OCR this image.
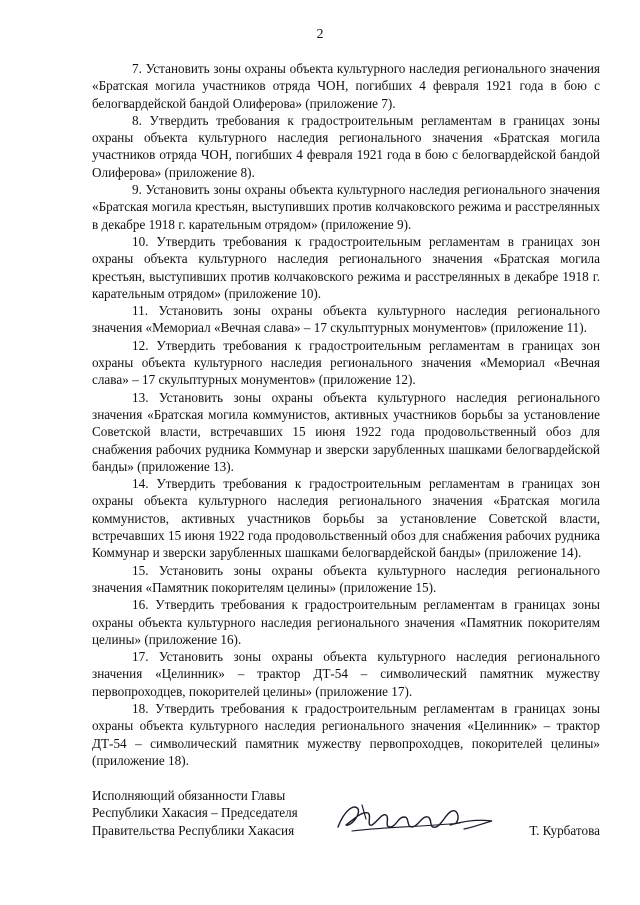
2

7. Установить зоны охраны объекта культурного наследия регионального значения «Братская могила участников отряда ЧОН, погибших 4 февраля 1921 года в бою с белогвардейской бандой Олиферова» (приложение 7).

8. Утвердить требования к градостроительным регламентам в границах зоны охраны объекта культурного наследия регионального значения «Братская могила участников отряда ЧОН, погибших 4 февраля 1921 года в бою с белогвардейской бандой Олиферова» (приложение 8).

9. Установить зоны охраны объекта культурного наследия регионального значения «Братская могила крестьян, выступивших против колчаковского режима и расстрелянных в декабре 1918 г. карательным отрядом» (приложение 9).

10. Утвердить требования к градостроительным регламентам в границах зон охраны объекта культурного наследия регионального значения «Братская могила крестьян, выступивших против колчаковского режима и расстрелянных в декабре 1918 г. карательным отрядом» (приложение 10).

11. Установить зоны охраны объекта культурного наследия регионального значения «Мемориал «Вечная слава» – 17 скульптурных монументов» (приложение 11).

12. Утвердить требования к градостроительным регламентам в границах зон охраны объекта культурного наследия регионального значения «Мемориал «Вечная слава» – 17 скульптурных монументов» (приложение 12).

13. Установить зоны охраны объекта культурного наследия регионального значения «Братская могила коммунистов, активных участников борьбы за установление Советской власти, встречавших 15 июня 1922 года продовольственный обоз для снабжения рабочих рудника Коммунар и зверски зарубленных шашками белогвардейской банды» (приложение 13).

14. Утвердить требования к градостроительным регламентам в границах зон охраны объекта культурного наследия регионального значения «Братская могила коммунистов, активных участников борьбы за установление Советской власти, встречавших 15 июня 1922 года продовольственный обоз для снабжения рабочих рудника Коммунар и зверски зарубленных шашками белогвардейской банды» (приложение 14).

15. Установить зоны охраны объекта культурного наследия регионального значения «Памятник покорителям целины» (приложение 15).

16. Утвердить требования к градостроительным регламентам в границах зоны охраны объекта культурного наследия регионального значения «Памятник покорителям целины» (приложение 16).

17. Установить зоны охраны объекта культурного наследия регионального значения «Целинник» – трактор ДТ-54 – символический памятник мужеству первопроходцев, покорителей целины» (приложение 17).

18. Утвердить требования к градостроительным регламентам в границах зоны охраны объекта культурного наследия регионального значения «Целинник» – трактор ДТ-54 – символический памятник мужеству первопроходцев, покорителей целины» (приложение 18).

Исполняющий обязанности Главы
Республики Хакасия – Председателя
Правительства Республики Хакасия	Т. Курбатова
